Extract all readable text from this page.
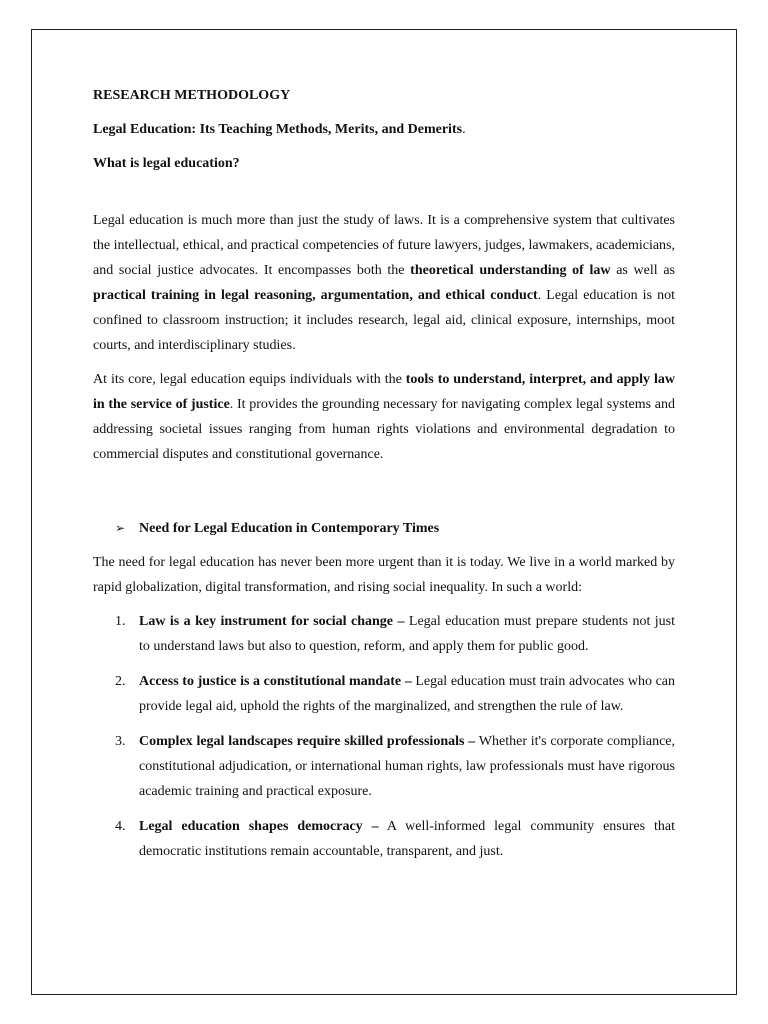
RESEARCH METHODOLOGY
Legal Education: Its Teaching Methods, Merits, and Demerits.
What is legal education?

Legal education is much more than just the study of laws. It is a comprehensive system that cultivates the intellectual, ethical, and practical competencies of future lawyers, judges, lawmakers, academicians, and social justice advocates. It encompasses both the theoretical understanding of law as well as practical training in legal reasoning, argumentation, and ethical conduct. Legal education is not confined to classroom instruction; it includes research, legal aid, clinical exposure, internships, moot courts, and interdisciplinary studies.

At its core, legal education equips individuals with the tools to understand, interpret, and apply law in the service of justice. It provides the grounding necessary for navigating complex legal systems and addressing societal issues ranging from human rights violations and environmental degradation to commercial disputes and constitutional governance.

➢ Need for Legal Education in Contemporary Times

The need for legal education has never been more urgent than it is today. We live in a world marked by rapid globalization, digital transformation, and rising social inequality. In such a world:

1. Law is a key instrument for social change – Legal education must prepare students not just to understand laws but also to question, reform, and apply them for public good.
2. Access to justice is a constitutional mandate – Legal education must train advocates who can provide legal aid, uphold the rights of the marginalized, and strengthen the rule of law.
3. Complex legal landscapes require skilled professionals – Whether it's corporate compliance, constitutional adjudication, or international human rights, law professionals must have rigorous academic training and practical exposure.
4. Legal education shapes democracy – A well-informed legal community ensures that democratic institutions remain accountable, transparent, and just.
